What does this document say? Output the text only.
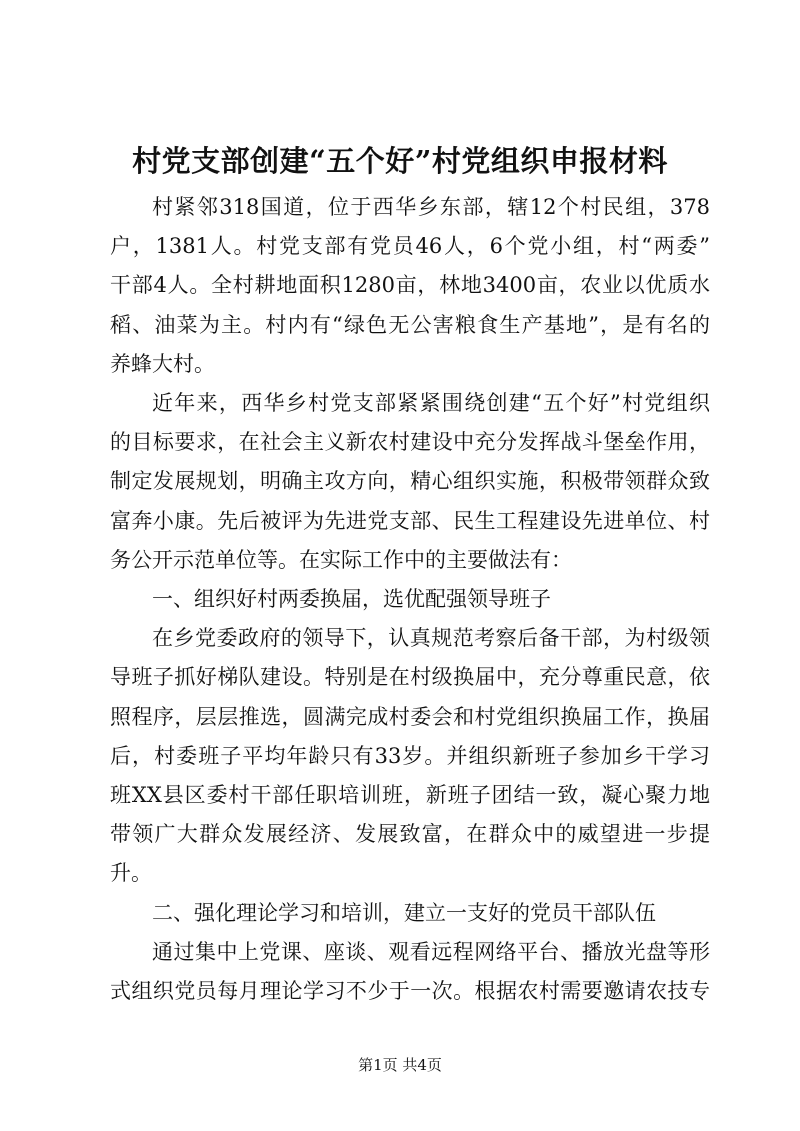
村党支部创建“五个好”村党组织申报材料
村紧邻318国道，位于西华乡东部，辖12个村民组，378
户，1381人。村党支部有党员46人，6个党小组，村“两委”
干部4人。全村耕地面积1280亩，林地3400亩，农业以优质水
稻、油菜为主。村内有“绿色无公害粮食生产基地”，是有名的
养蜂大村。
近年来，西华乡村党支部紧紧围绕创建“五个好”村党组织
的目标要求，在社会主义新农村建设中充分发挥战斗堡垒作用，
制定发展规划，明确主攻方向，精心组织实施，积极带领群众致
富奔小康。先后被评为先进党支部、民生工程建设先进单位、村
务公开示范单位等。在实际工作中的主要做法有：
一、组织好村两委换届，选优配强领导班子
在乡党委政府的领导下，认真规范考察后备干部，为村级领
导班子抓好梯队建设。特别是在村级换届中，充分尊重民意，依
照程序，层层推选，圆满完成村委会和村党组织换届工作，换届
后，村委班子平均年龄只有33岁。并组织新班子参加乡干学习
班XX县区委村干部任职培训班，新班子团结一致，凝心聚力地
带领广大群众发展经济、发展致富，在群众中的威望进一步提升。
二、强化理论学习和培训，建立一支好的党员干部队伍
通过集中上党课、座谈、观看远程网络平台、播放光盘等形
式组织党员每月理论学习不少于一次。根据农村需要邀请农技专
第1页 共4页
